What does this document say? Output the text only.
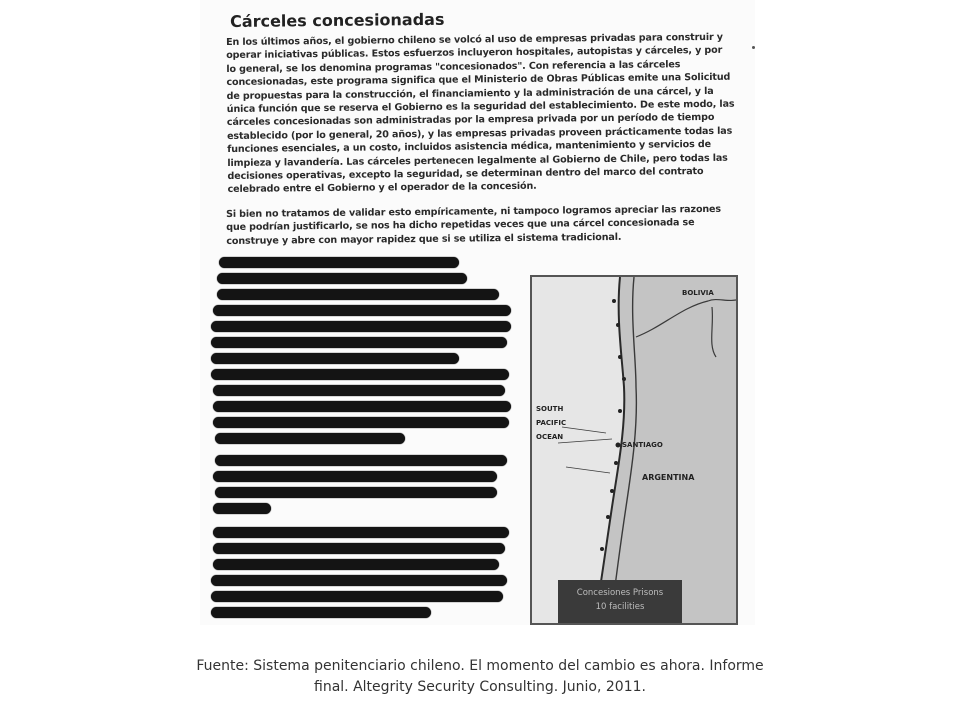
Cárceles concesionadas
En los últimos años, el gobierno chileno se volcó al uso de empresas privadas para construir y operar iniciativas públicas. Estos esfuerzos incluyeron hospitales, autopistas y cárceles, y por lo general, se los denomina programas "concesionados". Con referencia a las cárceles concesionadas, este programa significa que el Ministerio de Obras Públicas emite una Solicitud de propuestas para la construcción, el financiamiento y la administración de una cárcel, y la única función que se reserva el Gobierno es la seguridad del establecimiento. De este modo, las cárceles concesionadas son administradas por la empresa privada por un período de tiempo establecido (por lo general, 20 años), y las empresas privadas proveen prácticamente todas las funciones esenciales, a un costo, incluidos asistencia médica, mantenimiento y servicios de limpieza y lavandería. Las cárceles pertenecen legalmente al Gobierno de Chile, pero todas las decisiones operativas, excepto la seguridad, se determinan dentro del marco del contrato celebrado entre el Gobierno y el operador de la concesión.
Si bien no tratamos de validar esto empíricamente, ni tampoco logramos apreciar las razones que podrían justificarlo, se nos ha dicho repetidas veces que una cárcel concesionada se construye y abre con mayor rapidez que si se utiliza el sistema tradicional.
BOLIVIA
SOUTH
PACIFIC
OCEAN
SANTIAGO
ARGENTINA
Concesiones Prisons
10 facilities
Fuente: Sistema penitenciario chileno. El momento del cambio es ahora. Informe final. Altegrity Security Consulting. Junio, 2011.
